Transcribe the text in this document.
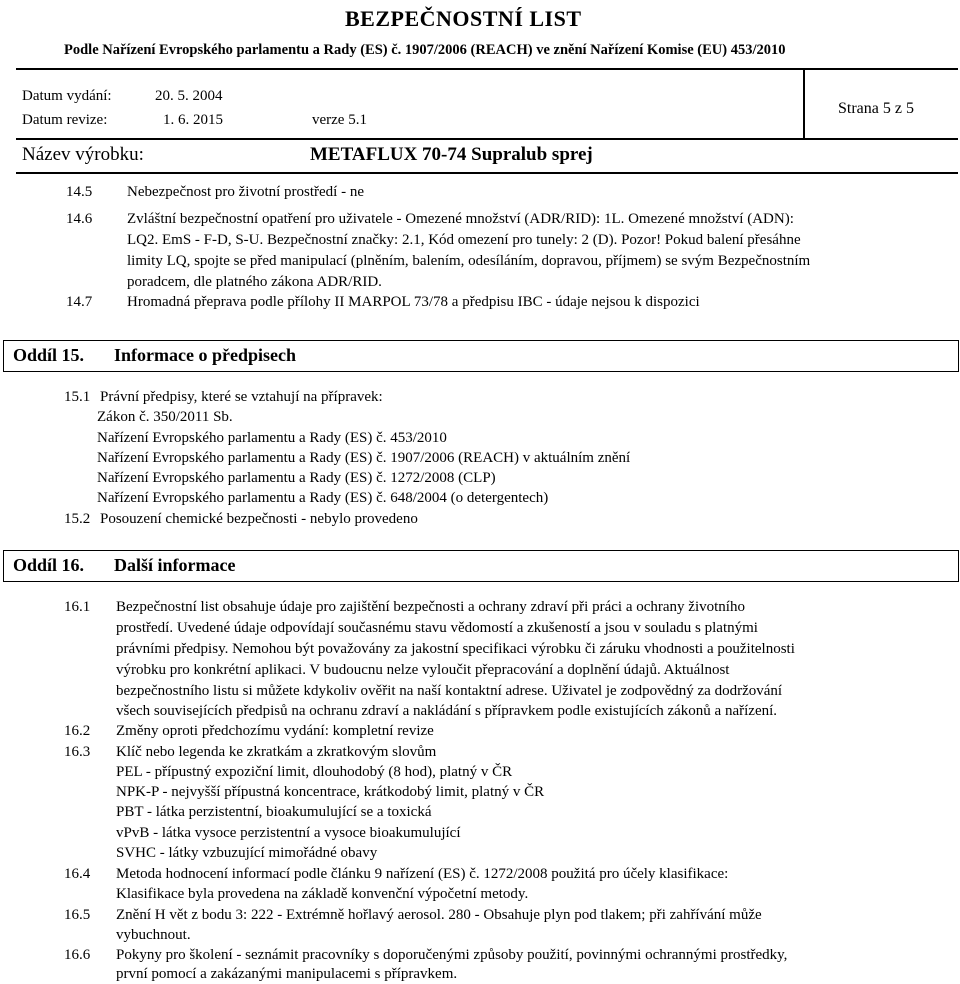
BEZPEČNOSTNÍ LIST
Podle Nařízení Evropského parlamentu a Rady (ES) č. 1907/2006 (REACH) ve znění Nařízení Komise (EU) 453/2010
Datum vydání:	20. 5. 2004
Datum revize:	1. 6. 2015	verze 5.1
Strana 5 z 5
Název výrobku:	METAFLUX 70-74 Supralub sprej
14.5 Nebezpečnost pro životní prostředí - ne
14.6 Zvláštní bezpečnostní opatření pro uživatele - Omezené množství (ADR/RID): 1L. Omezené množství (ADN):
LQ2. EmS - F-D, S-U. Bezpečnostní značky: 2.1, Kód omezení pro tunely: 2 (D). Pozor! Pokud balení přesáhne
limity LQ, spojte se před manipulací (plněním, balením, odesíláním, dopravou, příjmem) se svým Bezpečnostním
poradcem, dle platného zákona ADR/RID.
14.7 Hromadná přeprava podle přílohy II MARPOL 73/78 a předpisu IBC - údaje nejsou k dispozici
Oddíl 15. Informace o předpisech
15.1 Právní předpisy, které se vztahují na přípravek:
Zákon č. 350/2011 Sb.
Nařízení Evropského parlamentu a Rady (ES) č. 453/2010
Nařízení Evropského parlamentu a Rady (ES) č. 1907/2006 (REACH) v aktuálním znění
Nařízení Evropského parlamentu a Rady (ES) č. 1272/2008 (CLP)
Nařízení Evropského parlamentu a Rady (ES) č. 648/2004 (o detergentech)
15.2 Posouzení chemické bezpečnosti - nebylo provedeno
Oddíl 16. Další informace
16.1 Bezpečnostní list obsahuje údaje pro zajištění bezpečnosti a ochrany zdraví při práci a ochrany životního
prostředí. Uvedené údaje odpovídají současnému stavu vědomostí a zkušeností a jsou v souladu s platnými
právními předpisy. Nemohou být považovány za jakostní specifikaci výrobku či záruku vhodnosti a použitelnosti
výrobku pro konkrétní aplikaci. V budoucnu nelze vyloučit přepracování a doplnění údajů. Aktuálnost
bezpečnostního listu si můžete kdykoliv ověřit na naší kontaktní adrese. Uživatel je zodpovědný za dodržování
všech souvisejících předpisů na ochranu zdraví a nakládání s přípravkem podle existujících zákonů a nařízení.
16.2 Změny oproti předchozímu vydání: kompletní revize
16.3 Klíč nebo legenda ke zkratkám a zkratkovým slovům
PEL - přípustný expoziční limit, dlouhodobý (8 hod), platný v ČR
NPK-P - nejvyšší přípustná koncentrace, krátkodobý limit, platný v ČR
PBT - látka perzistentní, bioakumulující se a toxická
vPvB - látka vysoce perzistentní a vysoce bioakumulující
SVHC - látky vzbuzující mimořádné obavy
16.4 Metoda hodnocení informací podle článku 9 nařízení (ES) č. 1272/2008 použitá pro účely klasifikace:
Klasifikace byla provedena na základě konvenční výpočetní metody.
16.5 Znění H vět z bodu 3: 222 - Extrémně hořlavý aerosol. 280 - Obsahuje plyn pod tlakem; při zahřívání může
vybuchnout.
16.6 Pokyny pro školení - seznámit pracovníky s doporučenými způsoby použití, povinnými ochrannými prostředky,
první pomocí a zakázanými manipulacemi s přípravkem.
